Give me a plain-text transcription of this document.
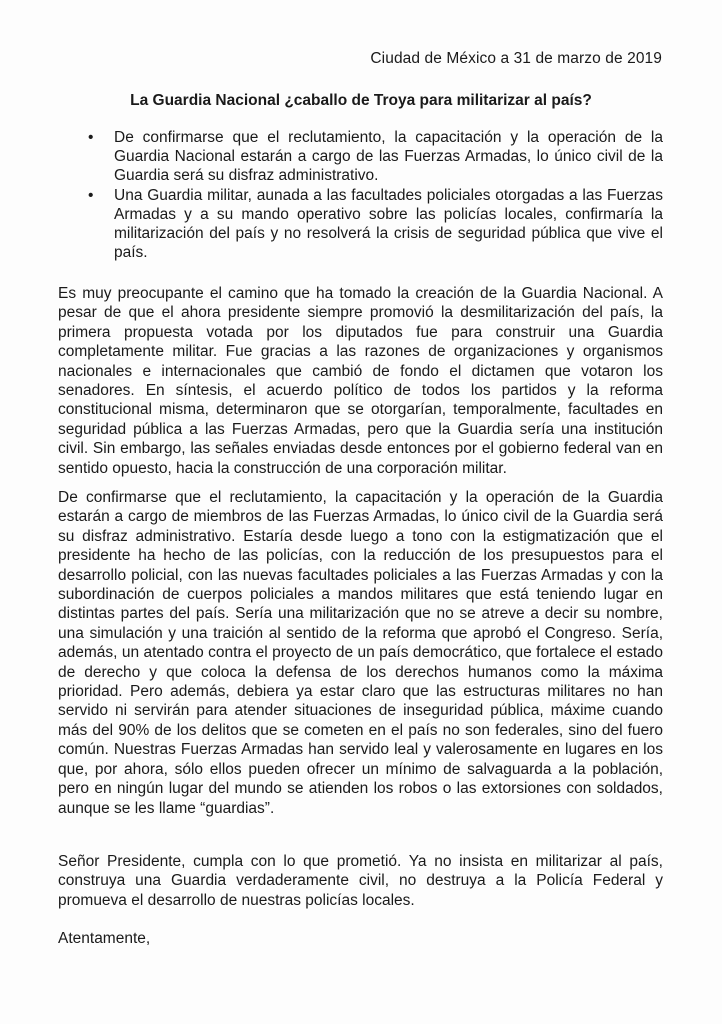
Ciudad de México a 31 de marzo de 2019
La Guardia Nacional ¿caballo de Troya para militarizar al país?
• De confirmarse que el reclutamiento, la capacitación y la operación de la Guardia Nacional estarán a cargo de las Fuerzas Armadas, lo único civil de la Guardia será su disfraz administrativo.
• Una Guardia militar, aunada a las facultades policiales otorgadas a las Fuerzas Armadas y a su mando operativo sobre las policías locales, confirmaría la militarización del país y no resolverá la crisis de seguridad pública que vive el país.

Es muy preocupante el camino que ha tomado la creación de la Guardia Nacional. A pesar de que el ahora presidente siempre promovió la desmilitarización del país, la primera propuesta votada por los diputados fue para construir una Guardia completamente militar. Fue gracias a las razones de organizaciones y organismos nacionales e internacionales que cambió de fondo el dictamen que votaron los senadores. En síntesis, el acuerdo político de todos los partidos y la reforma constitucional misma, determinaron que se otorgarían, temporalmente, facultades en seguridad pública a las Fuerzas Armadas, pero que la Guardia sería una institución civil. Sin embargo, las señales enviadas desde entonces por el gobierno federal van en sentido opuesto, hacia la construcción de una corporación militar.

De confirmarse que el reclutamiento, la capacitación y la operación de la Guardia estarán a cargo de miembros de las Fuerzas Armadas, lo único civil de la Guardia será su disfraz administrativo. Estaría desde luego a tono con la estigmatización que el presidente ha hecho de las policías, con la reducción de los presupuestos para el desarrollo policial, con las nuevas facultades policiales a las Fuerzas Armadas y con la subordinación de cuerpos policiales a mandos militares que está teniendo lugar en distintas partes del país. Sería una militarización que no se atreve a decir su nombre, una simulación y una traición al sentido de la reforma que aprobó el Congreso. Sería, además, un atentado contra el proyecto de un país democrático, que fortalece el estado de derecho y que coloca la defensa de los derechos humanos como la máxima prioridad. Pero además, debiera ya estar claro que las estructuras militares no han servido ni servirán para atender situaciones de inseguridad pública, máxime cuando más del 90% de los delitos que se cometen en el país no son federales, sino del fuero común. Nuestras Fuerzas Armadas han servido leal y valerosamente en lugares en los que, por ahora, sólo ellos pueden ofrecer un mínimo de salvaguarda a la población, pero en ningún lugar del mundo se atienden los robos o las extorsiones con soldados, aunque se les llame “guardias”.

Señor Presidente, cumpla con lo que prometió. Ya no insista en militarizar al país, construya una Guardia verdaderamente civil, no destruya a la Policía Federal y promueva el desarrollo de nuestras policías locales.

Atentamente,
